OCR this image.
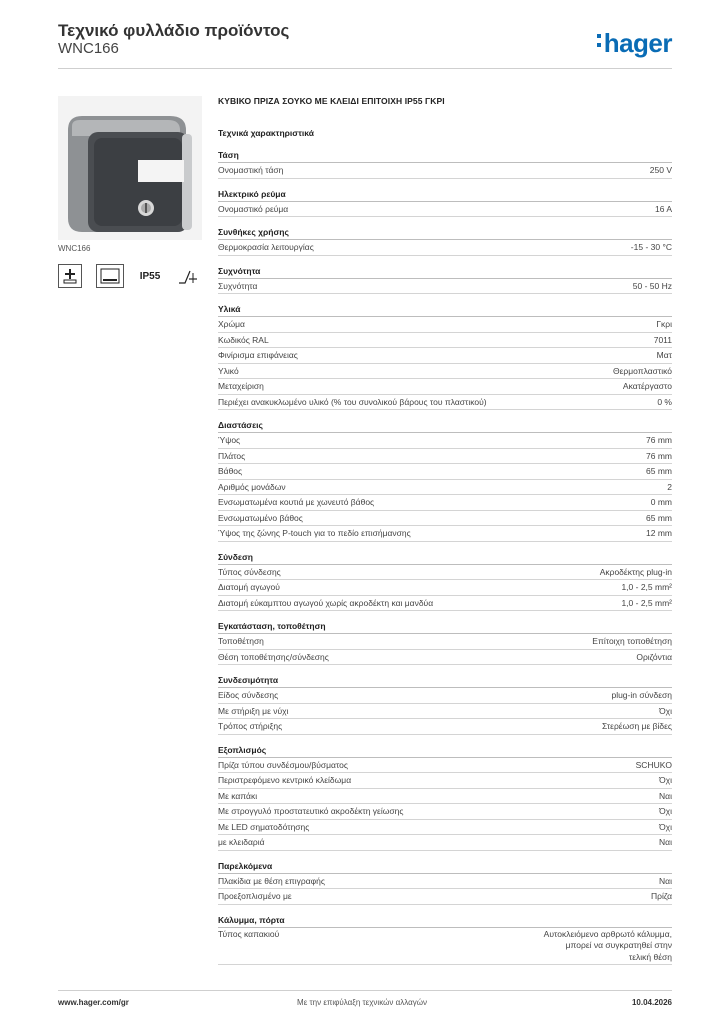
Τεχνικό φυλλάδιο προϊόντος
WNC166	hager
WNC166
IP55
ΚΥΒΙΚΟ ΠΡΙΖΑ ΣΟΥΚΟ ΜΕ ΚΛΕΙΔΙ ΕΠΙΤΟΙΧΗ IP55 ΓΚΡΙ
Τεχνικά χαρακτηριστικά
Τάση
Ονομαστική τάση	250 V
Ηλεκτρικό ρεύμα
Ονομαστικό ρεύμα	16 A
Συνθήκες χρήσης
Θερμοκρασία λειτουργίας	-15 - 30 °C
Συχνότητα
Συχνότητα	50 - 50 Hz
Υλικά
Χρώμα	Γκρι
Κωδικός RAL	7011
Φινίρισμα επιφάνειας	Ματ
Υλικό	Θερμοπλαστικό
Μεταχείριση	Ακατέργαστο
Περιέχει ανακυκλωμένο υλικό (% του συνολικού βάρους του πλαστικού)	0 %
Διαστάσεις
Ύψος	76 mm
Πλάτος	76 mm
Βάθος	65 mm
Αριθμός μονάδων	2
Ενσωματωμένα κουτιά με χωνευτό βάθος	0 mm
Ενσωματωμένο βάθος	65 mm
Ύψος της ζώνης P-touch για το πεδίο επισήμανσης	12 mm
Σύνδεση
Τύπος σύνδεσης	Ακροδέκτης plug-in
Διατομή αγωγού	1,0 - 2,5 mm²
Διατομή εύκαμπτου αγωγού χωρίς ακροδέκτη και μανδύα	1,0 - 2,5 mm²
Εγκατάσταση, τοποθέτηση
Τοποθέτηση	Επίτοιχη τοποθέτηση
Θέση τοποθέτησης/σύνδεσης	Οριζόντια
Συνδεσιμότητα
Είδος σύνδεσης	plug-in σύνδεση
Με στήριξη με νύχι	Όχι
Τρόπος στήριξης	Στερέωση με βίδες
Εξοπλισμός
Πρίζα τύπου συνδέσμου/βύσματος	SCHUKO
Περιστρεφόμενο κεντρικό κλείδωμα	Όχι
Με καπάκι	Ναι
Με στρογγυλό προστατευτικό ακροδέκτη γείωσης	Όχι
Με LED σηματοδότησης	Όχι
με κλειδαριά	Ναι
Παρελκόμενα
Πλακίδια με θέση επιγραφής	Ναι
Προεξοπλισμένο με	Πρίζα
Κάλυμμα, πόρτα
Τύπος καπακιού	Αυτοκλειόμενο αρθρωτό κάλυμμα,
μπορεί να συγκρατηθεί στην
τελική θέση
www.hager.com/gr	Με την επιφύλαξη τεχνικών αλλαγών	10.04.2026
